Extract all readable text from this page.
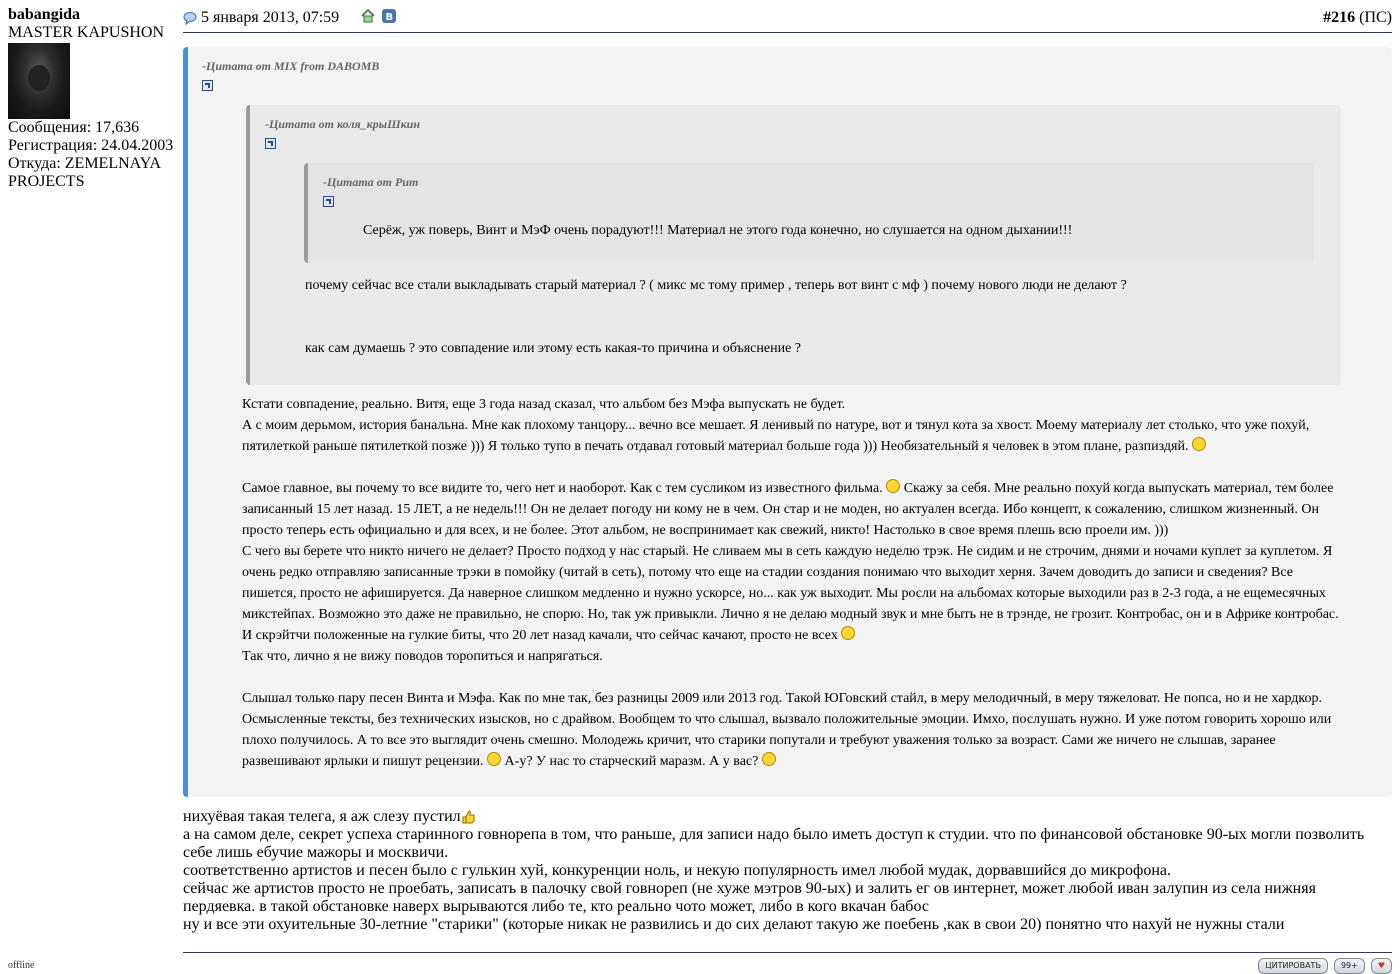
babangida
MASTER KAPUSHON
Сообщения: 17,636
Регистрация: 24.04.2003
Откуда: ZEMELNAYA
PROJECTS
offline
5 января 2013, 07:59	B	#216 (ПС)
-Цитата от MIX from DABOMB
-Цитата от коля_крыШкин
-Цитата от Рит
Серёж, уж поверь, Винт и МэФ очень порадуют!!! Материал не этого года конечно, но слушается на одном дыхании!!!
почему сейчас все стали выкладывать старый материал ? ( микс мс тому пример , теперь вот винт с мф ) почему нового люди не делают ?
как сам думаешь ? это совпадение или этому есть какая-то причина и объяснение ?
Кстати совпадение, реально. Витя, еще 3 года назад сказал, что альбом без Мэфа выпускать не будет.
А с моим дерьмом, история банальна. Мне как плохому танцору... вечно все мешает. Я ленивый по натуре, вот и тянул кота за хвост. Моему материалу лет столько, что уже похуй, пятилеткой раньше пятилеткой позже ))) Я только тупо в печать отдавал готовый материал больше года ))) Необязательный я человек в этом плане, разпиздяй.
Самое главное, вы почему то все видите то, чего нет и наоборот. Как с тем сусликом из известного фильма. Скажу за себя. Мне реально похуй когда выпускать материал, тем более записанный 15 лет назад. 15 ЛЕТ, а не недель!!! Он не делает погоду ни кому не в чем. Он стар и не моден, но актуален всегда. Ибо концепт, к сожалению, слишком жизненный. Он просто теперь есть официально и для всех, и не более. Этот альбом, не воспринимает как свежий, никто! Настолько в свое время плешь всю проели им. )))
С чего вы берете что никто ничего не делает? Просто подход у нас старый. Не сливаем мы в сеть каждую неделю трэк. Не сидим и не строчим, днями и ночами куплет за куплетом. Я очень редко отправляю записанные трэки в помойку (читай в сеть), потому что еще на стадии создания понимаю что выходит херня. Зачем доводить до записи и сведения? Все пишется, просто не афишируется. Да наверное слишком медленно и нужно ускорсе, но... как уж выходит. Мы росли на альбомах которые выходили раз в 2-3 года, а не ещемесячных микстейпах. Возможно это даже не правильно, не спорю. Но, так уж привыкли. Лично я не делаю модный звук и мне быть не в трэнде, не грозит. Контробас, он и в Африке контробас. И скрэйтчи положенные на гулкие биты, что 20 лет назад качали, что сейчас качают, просто не всех
Так что, лично я не вижу поводов торопиться и напрягаться.
Слышал только пару песен Винта и Мэфа. Как по мне так, без разницы 2009 или 2013 год. Такой ЮГовский стайл, в меру мелодичный, в меру тяжеловат. Не попса, но и не хардкор. Осмысленные тексты, без технических изысков, но с драйвом. Вообщем то что слышал, вызвало положительные эмоции. Имхо, послушать нужно. И уже потом говорить хорошо или плохо получилось. А то все это выглядит очень смешно. Молодежь кричит, что старики попутали и требуют уважения только за возраст. Сами же ничего не слышав, заранее развешивают ярлыки и пишут рецензии. А-у? У нас то старческий маразм. А у вас?
нихуёвая такая телега, я аж слезу пустил
а на самом деле, секрет успеха старинного говнорепа в том, что раньше, для записи надо было иметь доступ к студии. что по финансовой обстановке 90-ых могли позволить себе лишь ебучие мажоры и москвичи.
соответственно артистов и песен было с гулькин хуй, конкуренции ноль, и некую популярность имел любой мудак, дорвавшийся до микрофона.
сейчас же артистов просто не проебать, записать в палочку свой говнореп (не хуже мэтров 90-ых) и залить ег ов интернет, может любой иван залупин из села нижняя пердяевка. в такой обстановке наверх вырываются либо те, кто реально чото может, либо в кого вкачан бабос
ну и все эти охуительные 30-летние "старики" (которые никак не развились и до сих делают такую же поебень ,как в свои 20) понятно что нахуй не нужны стали
ЦИТИРОВАТЬ	99+	♥
